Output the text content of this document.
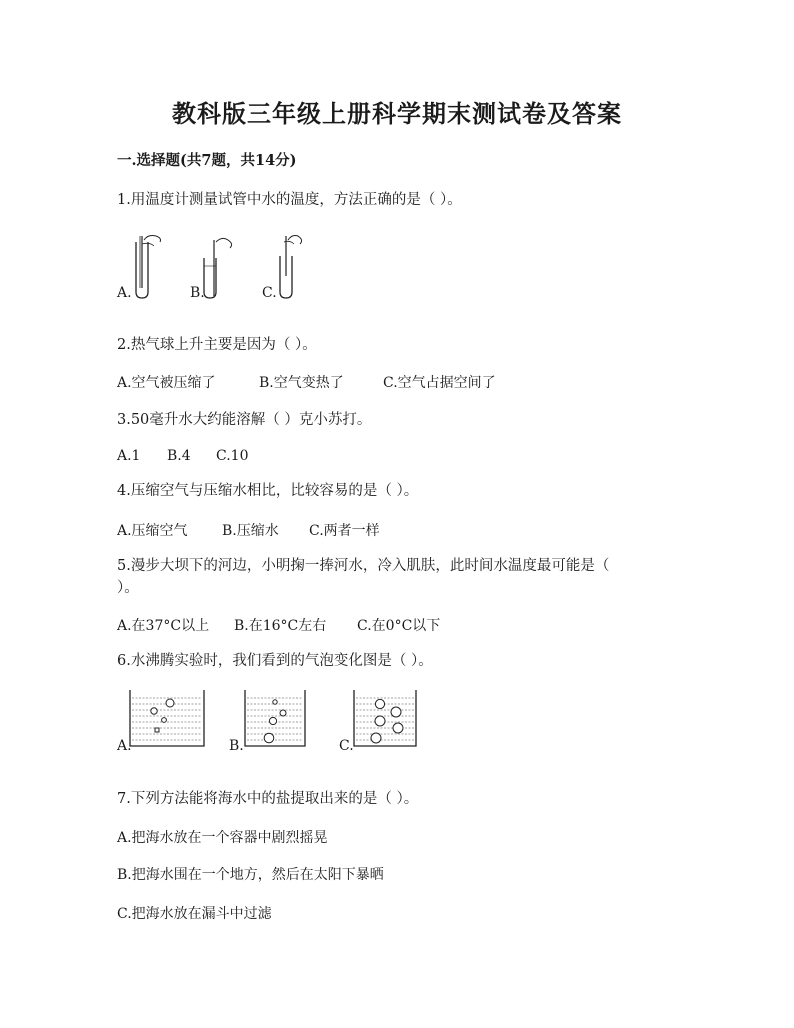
教科版三年级上册科学期末测试卷及答案
一.选择题(共7题，共14分)
1.用温度计测量试管中水的温度，方法正确的是（ ）。
A.	B.	C.
2.热气球上升主要是因为（ ）。
A.空气被压缩了	B.空气变热了	C.空气占据空间了
3.50毫升水大约能溶解（ ）克小苏打。
A.1 B.4 C.10
4.压缩空气与压缩水相比，比较容易的是（ ）。
A.压缩空气 B.压缩水 C.两者一样
5.漫步大坝下的河边，小明掬一捧河水，冷入肌肤，此时间水温度最可能是（
）。
A.在37°C以上 B.在16°C左右 C.在0°C以下
6.水沸腾实验时，我们看到的气泡变化图是（ ）。
A.	B.	C.
7.下列方法能将海水中的盐提取出来的是（ ）。
A.把海水放在一个容器中剧烈摇晃
B.把海水围在一个地方，然后在太阳下暴晒
C.把海水放在漏斗中过滤
